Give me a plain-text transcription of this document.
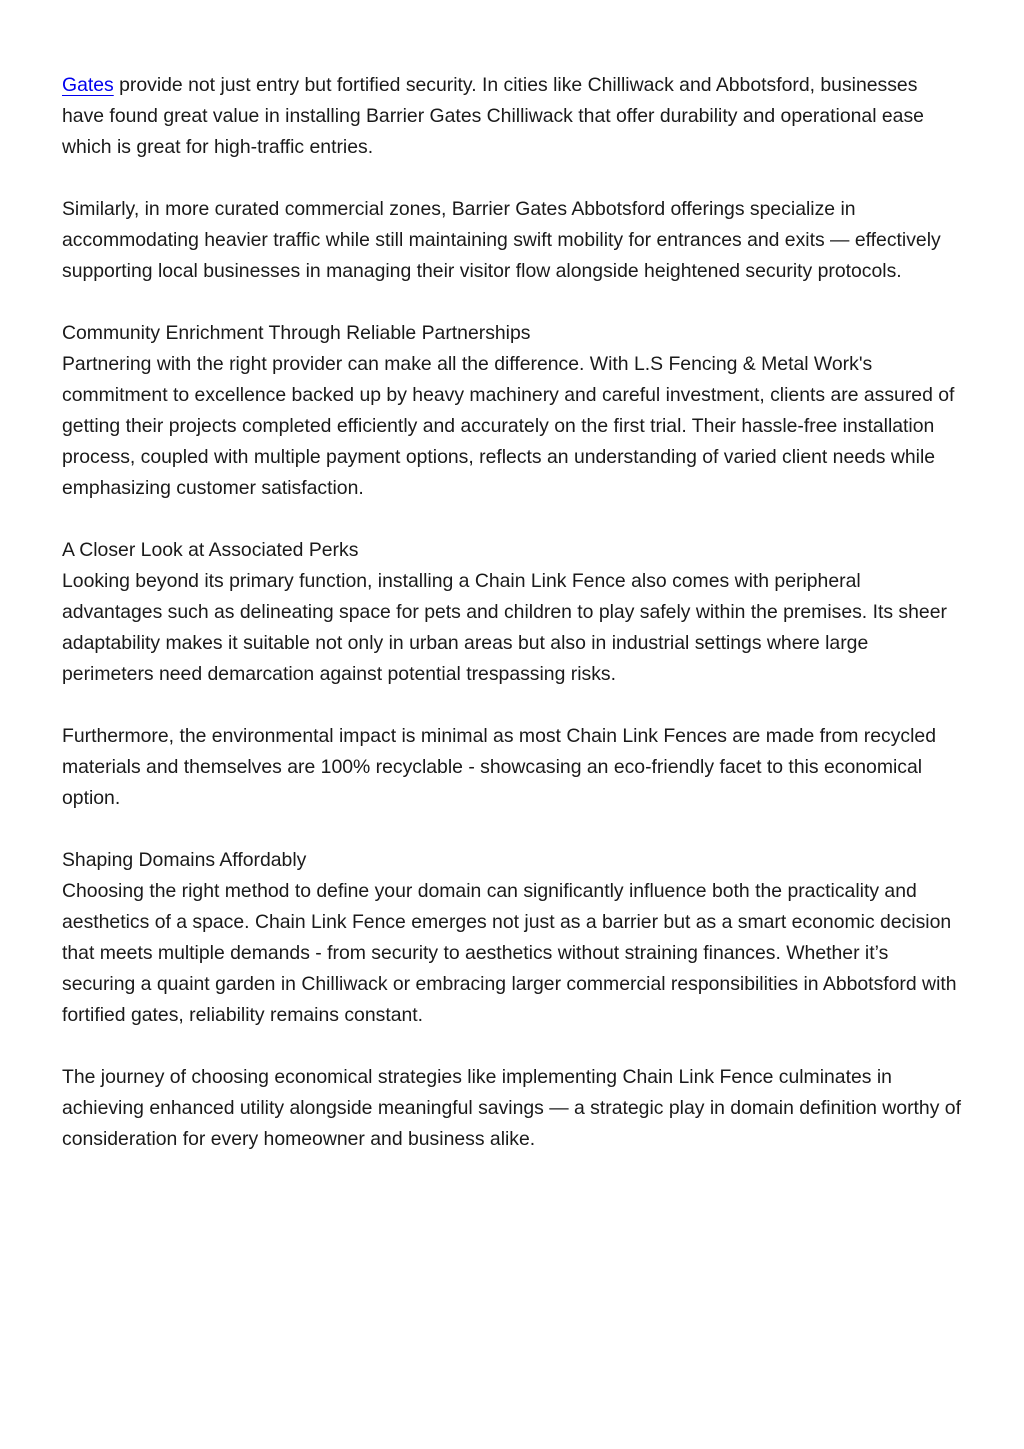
Gates provide not just entry but fortified security. In cities like Chilliwack and Abbotsford, businesses have found great value in installing Barrier Gates Chilliwack that offer durability and operational ease which is great for high-traffic entries.

Similarly, in more curated commercial zones, Barrier Gates Abbotsford offerings specialize in accommodating heavier traffic while still maintaining swift mobility for entrances and exits — effectively supporting local businesses in managing their visitor flow alongside heightened security protocols.

Community Enrichment Through Reliable Partnerships
Partnering with the right provider can make all the difference. With L.S Fencing & Metal Work's commitment to excellence backed up by heavy machinery and careful investment, clients are assured of getting their projects completed efficiently and accurately on the first trial. Their hassle-free installation process, coupled with multiple payment options, reflects an understanding of varied client needs while emphasizing customer satisfaction.

A Closer Look at Associated Perks
Looking beyond its primary function, installing a Chain Link Fence also comes with peripheral advantages such as delineating space for pets and children to play safely within the premises. Its sheer adaptability makes it suitable not only in urban areas but also in industrial settings where large perimeters need demarcation against potential trespassing risks.

Furthermore, the environmental impact is minimal as most Chain Link Fences are made from recycled materials and themselves are 100% recyclable - showcasing an eco-friendly facet to this economical option.

Shaping Domains Affordably
Choosing the right method to define your domain can significantly influence both the practicality and aesthetics of a space. Chain Link Fence emerges not just as a barrier but as a smart economic decision that meets multiple demands - from security to aesthetics without straining finances. Whether it’s securing a quaint garden in Chilliwack or embracing larger commercial responsibilities in Abbotsford with fortified gates, reliability remains constant.

The journey of choosing economical strategies like implementing Chain Link Fence culminates in achieving enhanced utility alongside meaningful savings — a strategic play in domain definition worthy of consideration for every homeowner and business alike.
